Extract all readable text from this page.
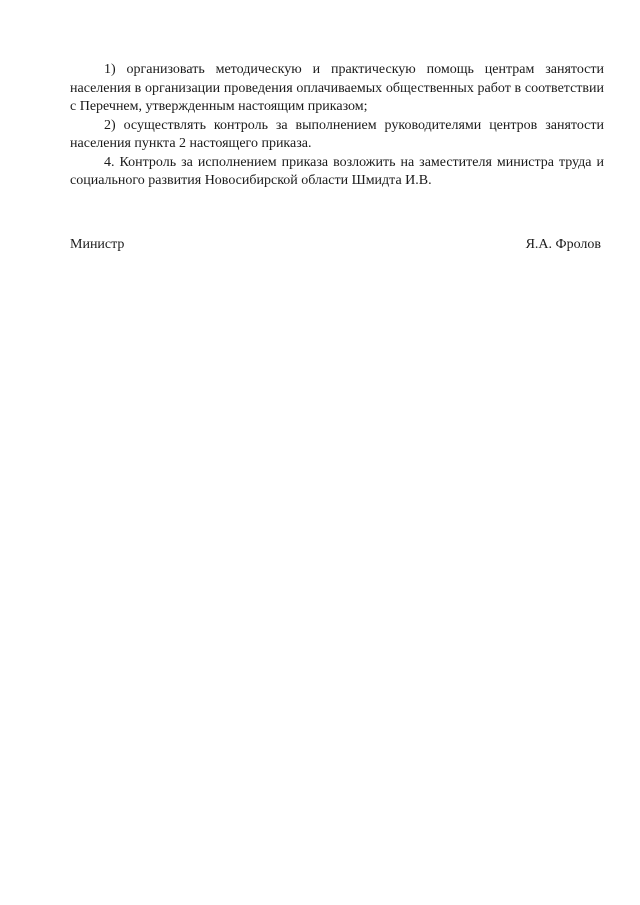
1) организовать методическую и практическую помощь центрам занятости населения в организации проведения оплачиваемых общественных работ в соответствии с Перечнем, утвержденным настоящим приказом;

2) осуществлять контроль за выполнением руководителями центров занятости населения пункта 2 настоящего приказа.

4. Контроль за исполнением приказа возложить на заместителя министра труда и социального развития Новосибирской области Шмидта И.В.

Министр	Я.А. Фролов
